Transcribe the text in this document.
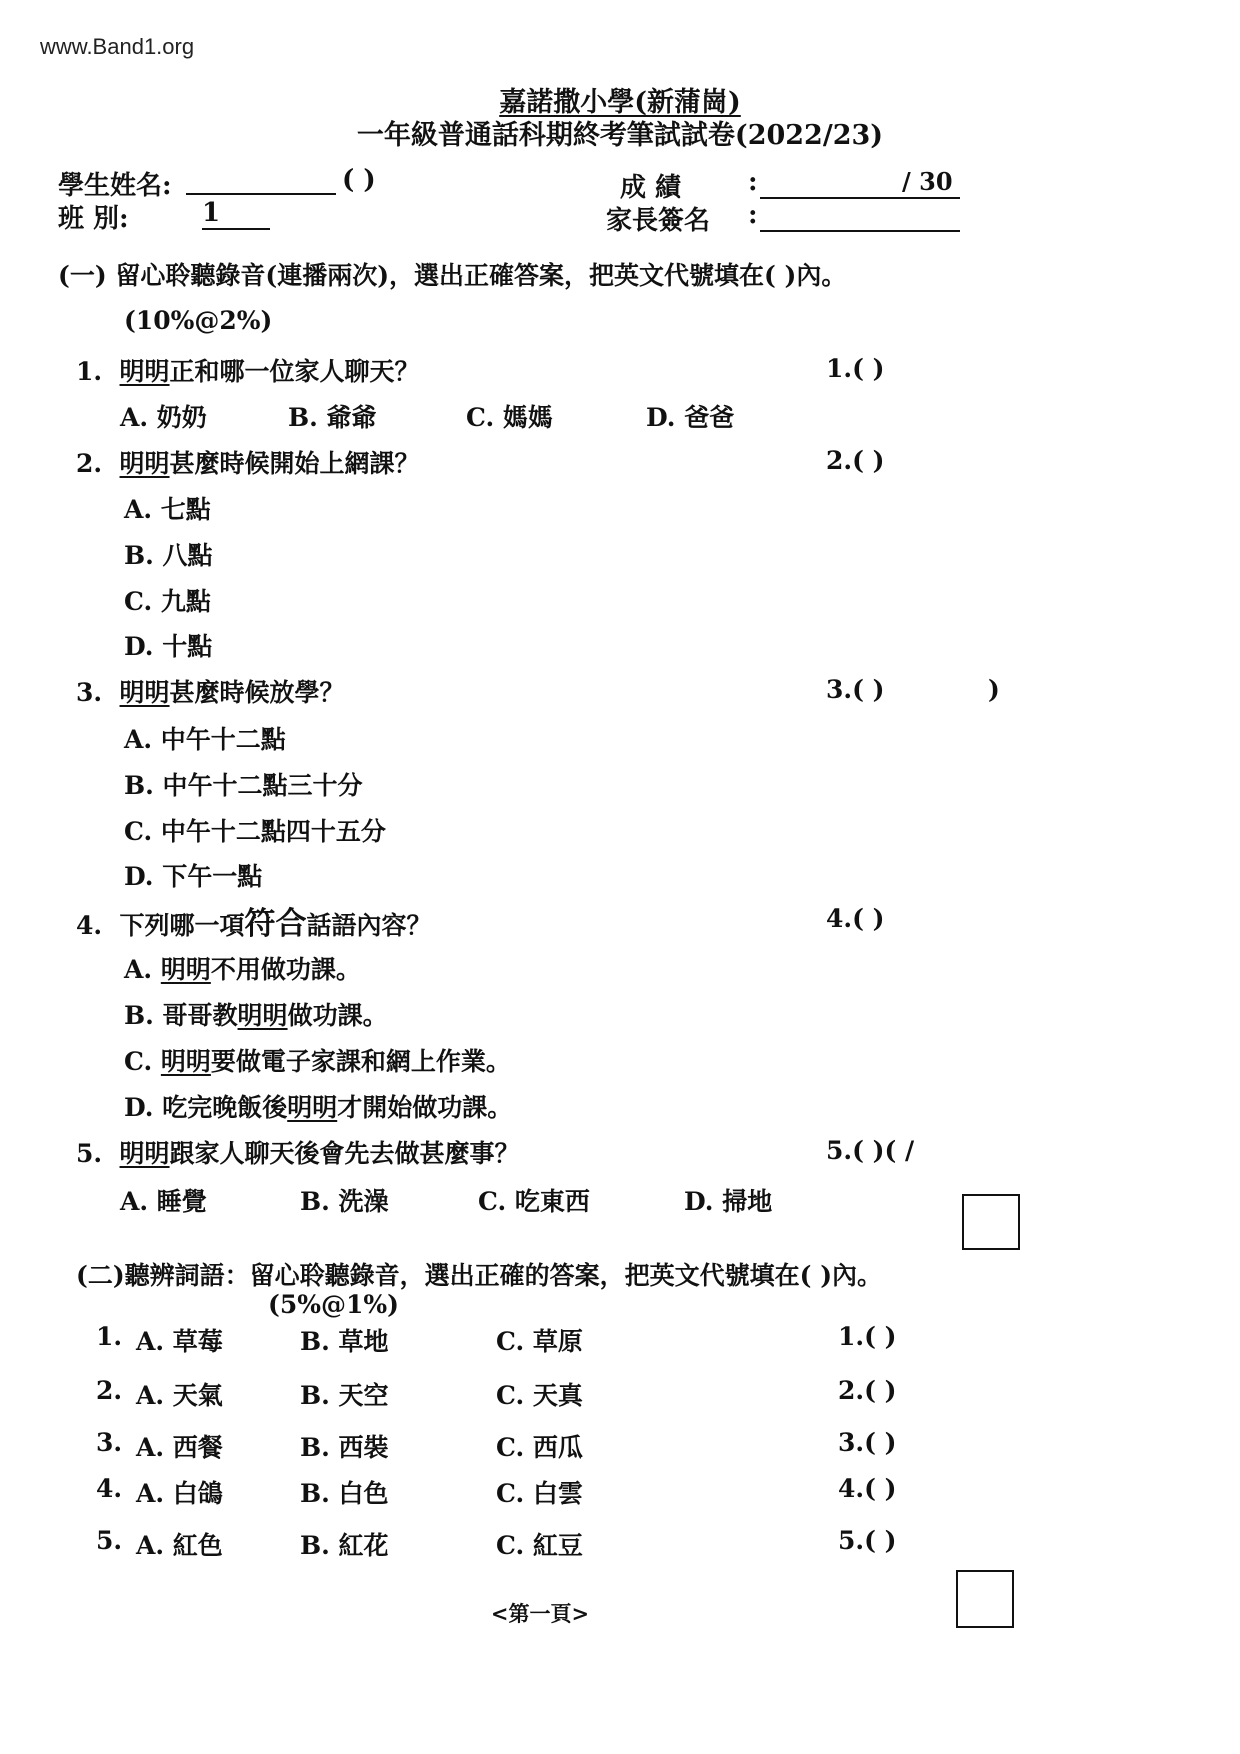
www.Band1.org
嘉諾撒小學(新蒲崗)
一年級普通話科期終考筆試試卷(2022/23)
學生姓名:	( )
班 別:	1
成 績	:	/ 30
家長簽名 :
(一) 留心聆聽錄音(連播兩次)，選出正確答案，把英文代號填在( )內。
(10%@2%)
1. 明明正和哪一位家人聊天？	1.( )
A. 奶奶	B. 爺爺	C. 媽媽	D. 爸爸
2. 明明甚麼時候開始上網課？	2.( )
A. 七點
B. 八點
C. 九點
D. 十點
3. 明明甚麼時候放學？	3.( )	)
A. 中午十二點
B. 中午十二點三十分
C. 中午十二點四十五分
D. 下午一點
4. 下列哪一項符合話語內容？	4.( )
A. 明明不用做功課。
B. 哥哥教明明做功課。
C. 明明要做電子家課和網上作業。
D. 吃完晚飯後明明才開始做功課。
5. 明明跟家人聊天後會先去做甚麼事？	5.( )( /
A. 睡覺	B. 洗澡	C. 吃東西	D. 掃地
(二)聽辨詞語：留心聆聽錄音，選出正確的答案，把英文代號填在( )內。
(5%@1%)
1. A. 草莓	B. 草地	C. 草原	1.( )
2. A. 天氣	B. 天空	C. 天真	2.( )
3. A. 西餐	B. 西裝	C. 西瓜	3.( )
4. A. 白鴿	B. 白色	C. 白雲	4.( )
5. A. 紅色	B. 紅花	C. 紅豆	5.( )
<第一頁>
